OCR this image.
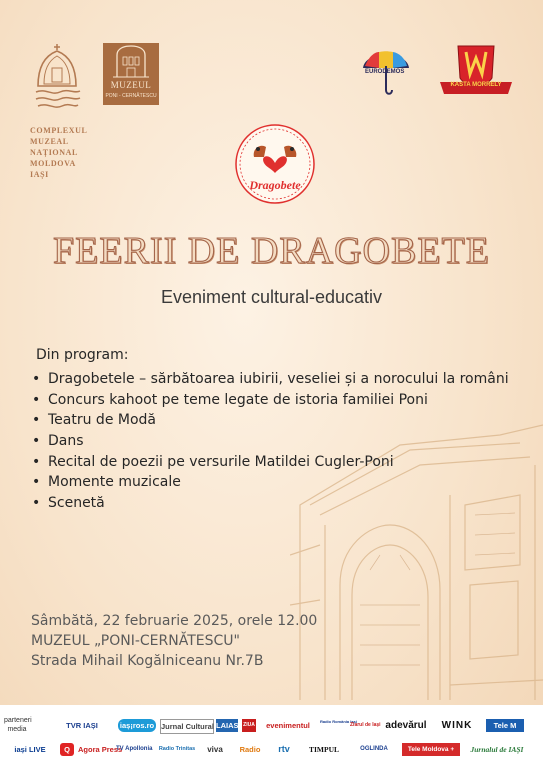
COMPLEXUL
MUZEAL
NAȚIONAL
MOLDOVA
IAȘI
MUZEUL
PONI - CERNĂTESCU
EURODEMOS
KASTA MORRELY
Dragobete
FEERII DE DRAGOBETE
Eveniment cultural-educativ
Din program:
• Dragobetele – sărbătoarea iubirii, veseliei și a norocului la români
• Concurs kahoot pe teme legate de istoria familiei Poni
• Teatru de Modă
• Dans
• Recital de poezii pe versurile Matildei Cugler-Poni
• Momente muzicale
• Scenetă
Sâmbătă, 22 februarie 2025, orele 12.00
MUZEUL „PONI-CERNĂTESCU"
Strada Mihail Kogălniceanu Nr.7B
parteneri media	TVR IAȘI	iaș¡ros.ro Jurnal Cultural LAIASI ZIUA	evenimentul	Radio România Iași
Ziarul de Iași adevărul	WINK	Tele M
iași LIVE	Q	Agora Press
TV Apollonia	Radio Trinitas	viva	Radio	rtv	TIMPUL	OGLINDA	Tele Moldova +	Jurnalul de IAȘI
